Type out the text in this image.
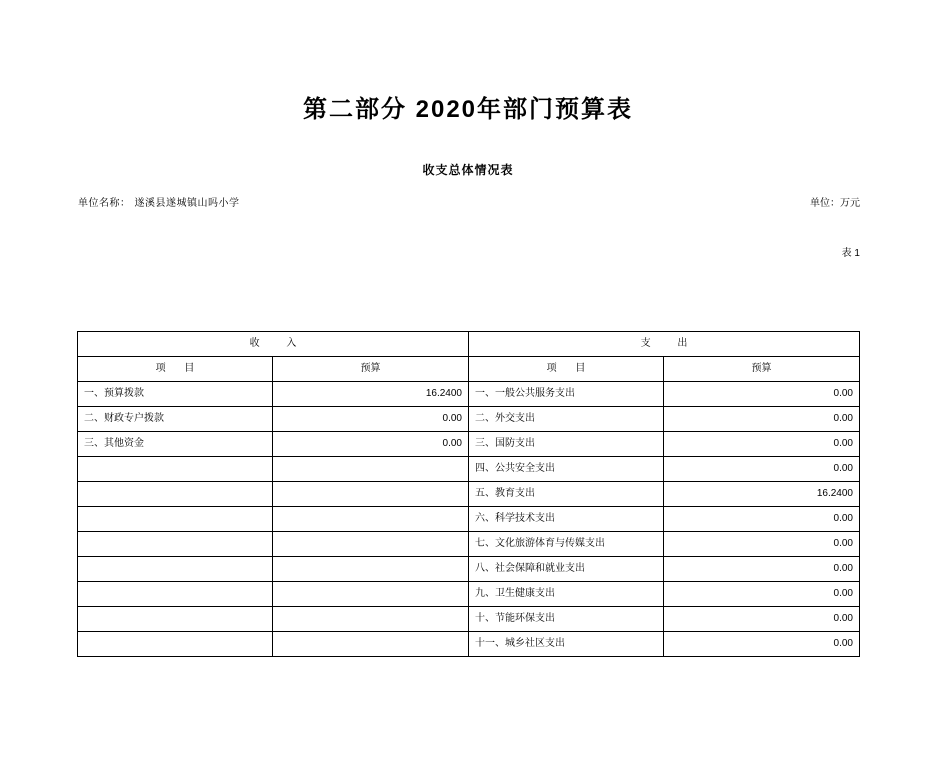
第二部分 2020年部门预算表
表 1
收支总体情况表
单位名称： 遂溪县遂城镇山吗小学	单位：万元
收 入		支 出	
项 目	预算	项 目	预算
一、预算拨款	16.2400	一、一般公共服务支出	0.00
二、财政专户拨款	0.00	二、外交支出	0.00
三、其他资金	0.00	三、国防支出	0.00
		四、公共安全支出	0.00
		五、教育支出	16.2400
		六、科学技术支出	0.00
		七、文化旅游体育与传媒支出	0.00
		八、社会保障和就业支出	0.00
		九、卫生健康支出	0.00
		十、节能环保支出	0.00
		十一、城乡社区支出	0.00
